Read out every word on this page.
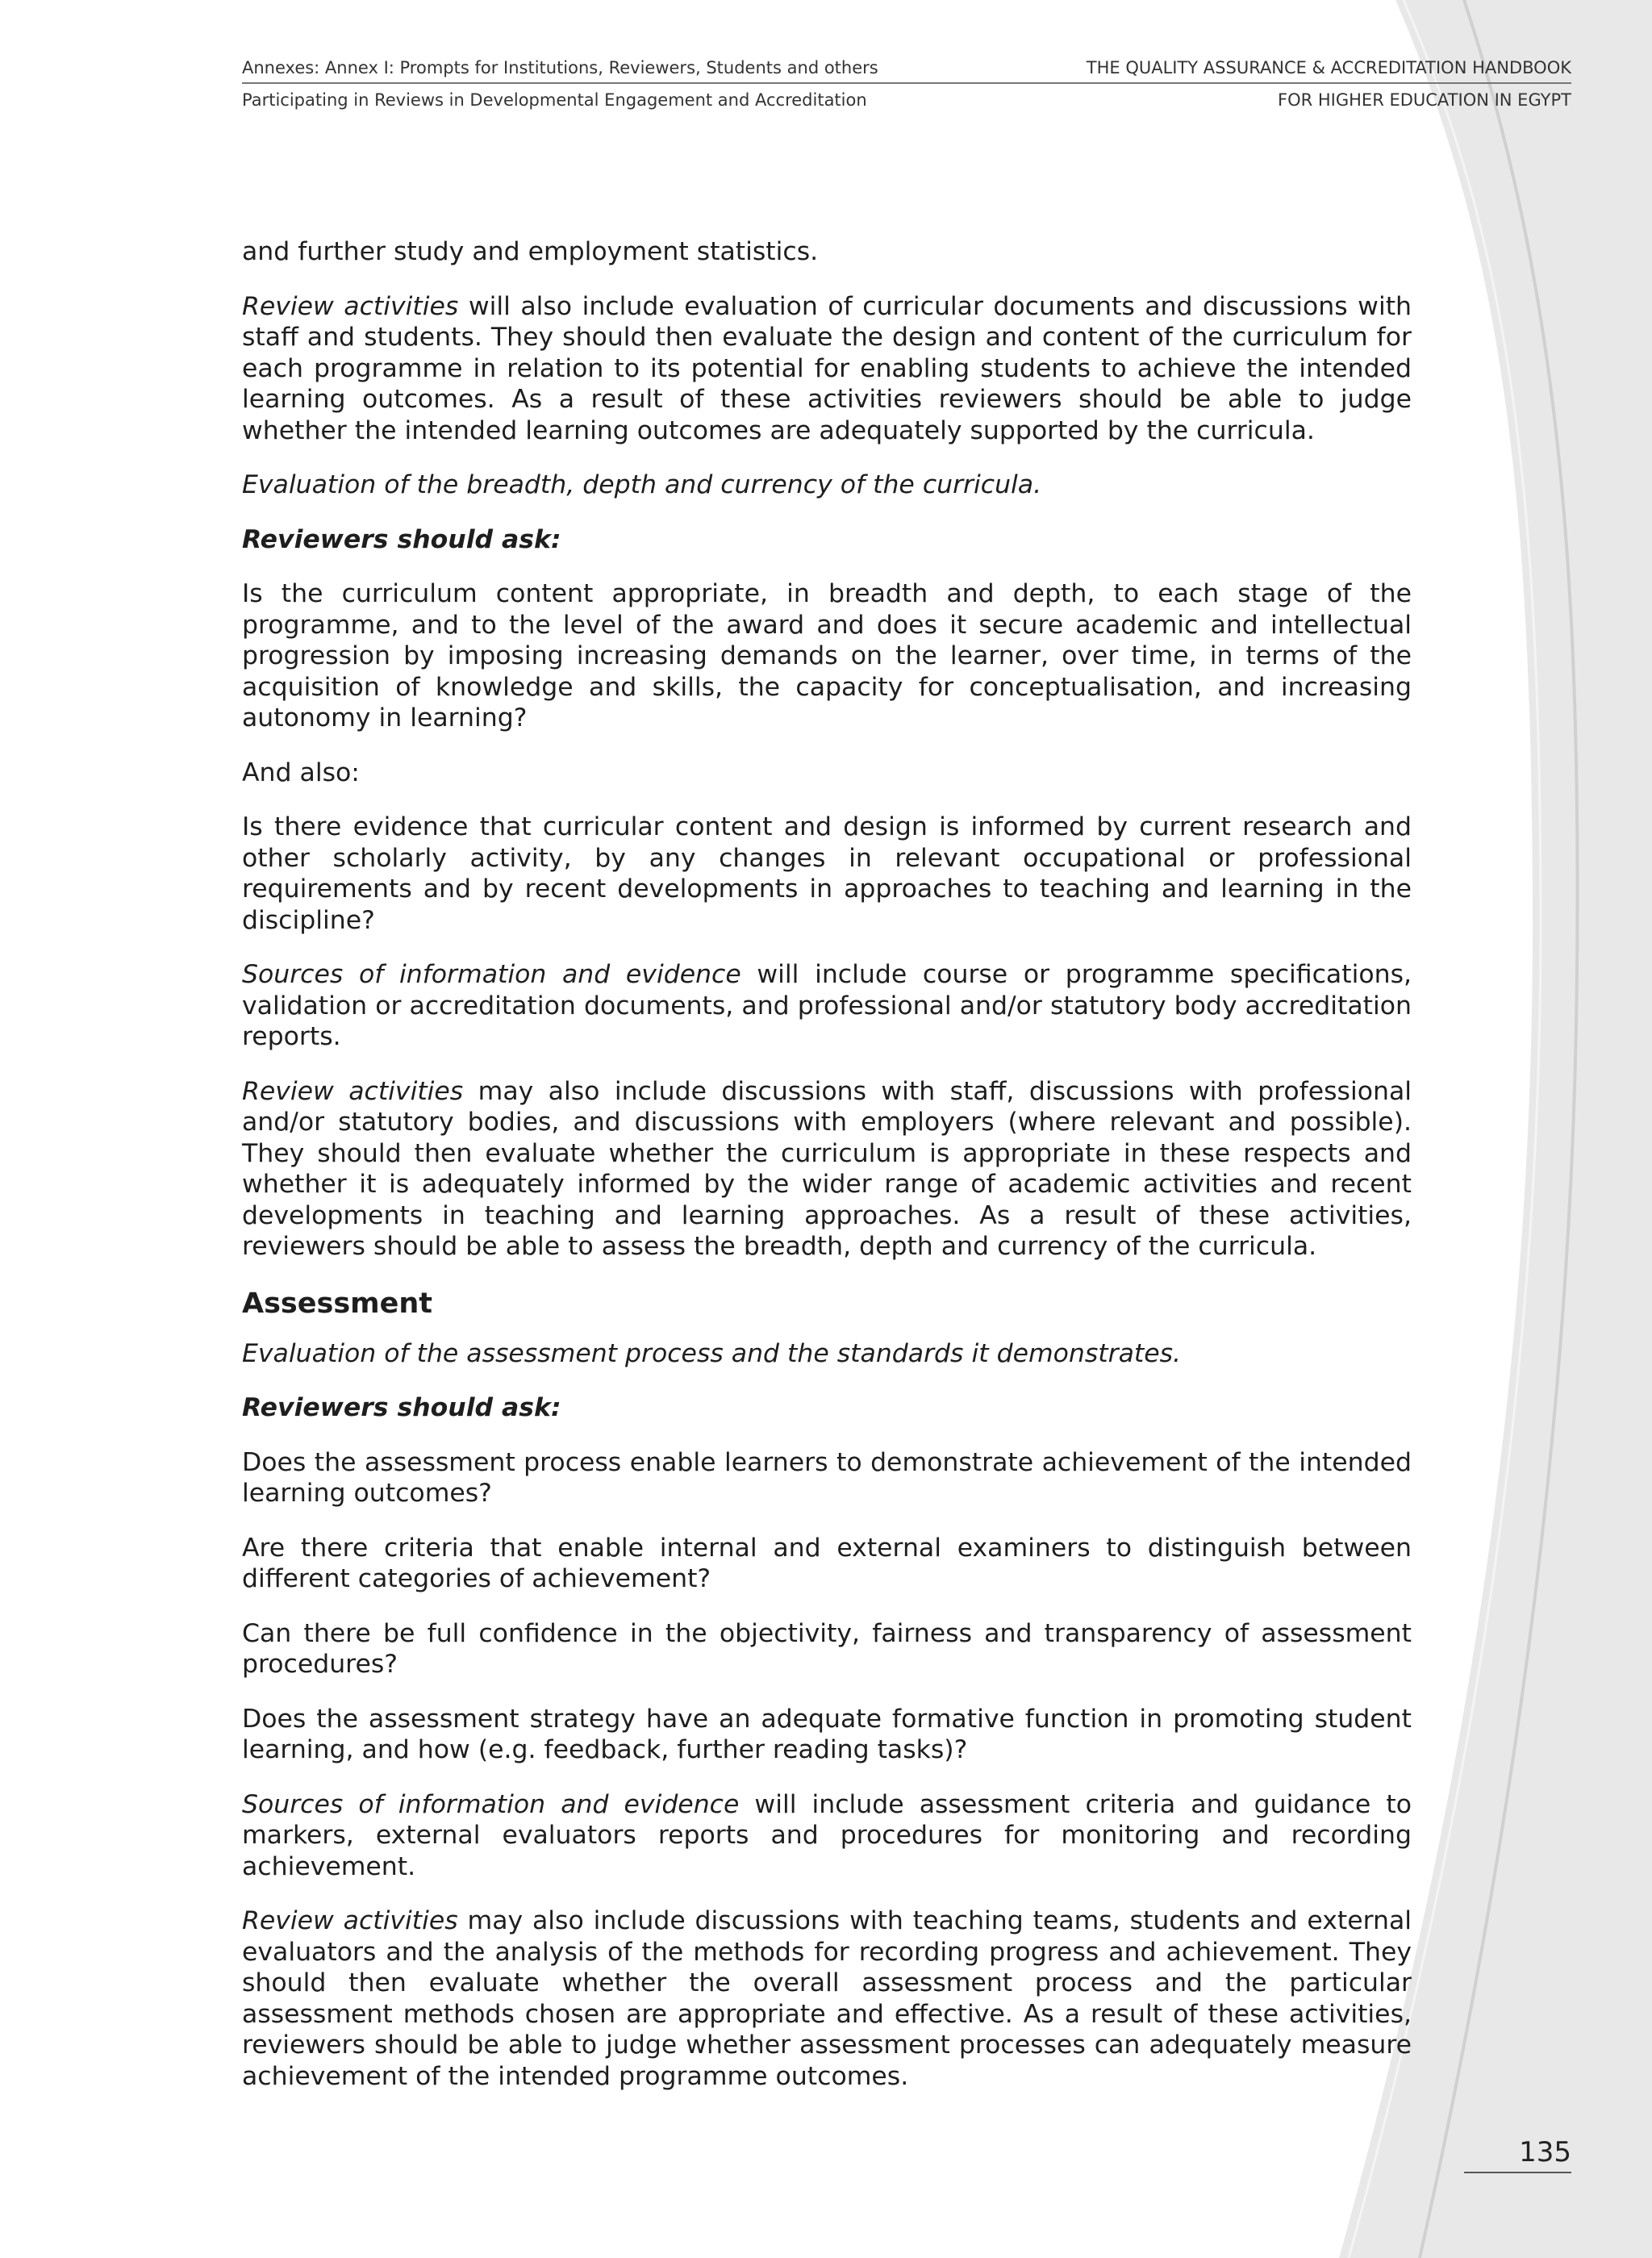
Annexes: Annex I: Prompts for Institutions, Reviewers, Students and others	THE QUALITY ASSURANCE & ACCREDITATION HANDBOOK
Participating in Reviews in Developmental Engagement and Accreditation	FOR HIGHER EDUCATION IN EGYPT

and further study and employment statistics.

Review activities will also include evaluation of curricular documents and discussions with staff and students. They should then evaluate the design and content of the curriculum for each programme in relation to its potential for enabling students to achieve the intended learning outcomes. As a result of these activities reviewers should be able to judge whether the intended learning outcomes are adequately supported by the curricula.

Evaluation of the breadth, depth and currency of the curricula.

Reviewers should ask:

Is the curriculum content appropriate, in breadth and depth, to each stage of the programme, and to the level of the award and does it secure academic and intellectual progression by imposing increasing demands on the learner, over time, in terms of the acquisition of knowledge and skills, the capacity for conceptualisation, and increasing autonomy in learning?

And also:

Is there evidence that curricular content and design is informed by current research and other scholarly activity, by any changes in relevant occupational or professional requirements and by recent developments in approaches to teaching and learning in the discipline?

Sources of information and evidence will include course or programme specifications, validation or accreditation documents, and professional and/or statutory body accreditation reports.

Review activities may also include discussions with staff, discussions with professional and/or statutory bodies, and discussions with employers (where relevant and possible). They should then evaluate whether the curriculum is appropriate in these respects and whether it is adequately informed by the wider range of academic activities and recent developments in teaching and learning approaches. As a result of these activities, reviewers should be able to assess the breadth, depth and currency of the curricula.

Assessment

Evaluation of the assessment process and the standards it demonstrates.

Reviewers should ask:

Does the assessment process enable learners to demonstrate achievement of the intended learning outcomes?

Are there criteria that enable internal and external examiners to distinguish between different categories of achievement?

Can there be full confidence in the objectivity, fairness and transparency of assessment procedures?

Does the assessment strategy have an adequate formative function in promoting student learning, and how (e.g. feedback, further reading tasks)?

Sources of information and evidence will include assessment criteria and guidance to markers, external evaluators reports and procedures for monitoring and recording achievement.

Review activities may also include discussions with teaching teams, students and external evaluators and the analysis of the methods for recording progress and achievement. They should then evaluate whether the overall assessment process and the particular assessment methods chosen are appropriate and effective. As a result of these activities, reviewers should be able to judge whether assessment processes can adequately measure achievement of the intended programme outcomes.

135
